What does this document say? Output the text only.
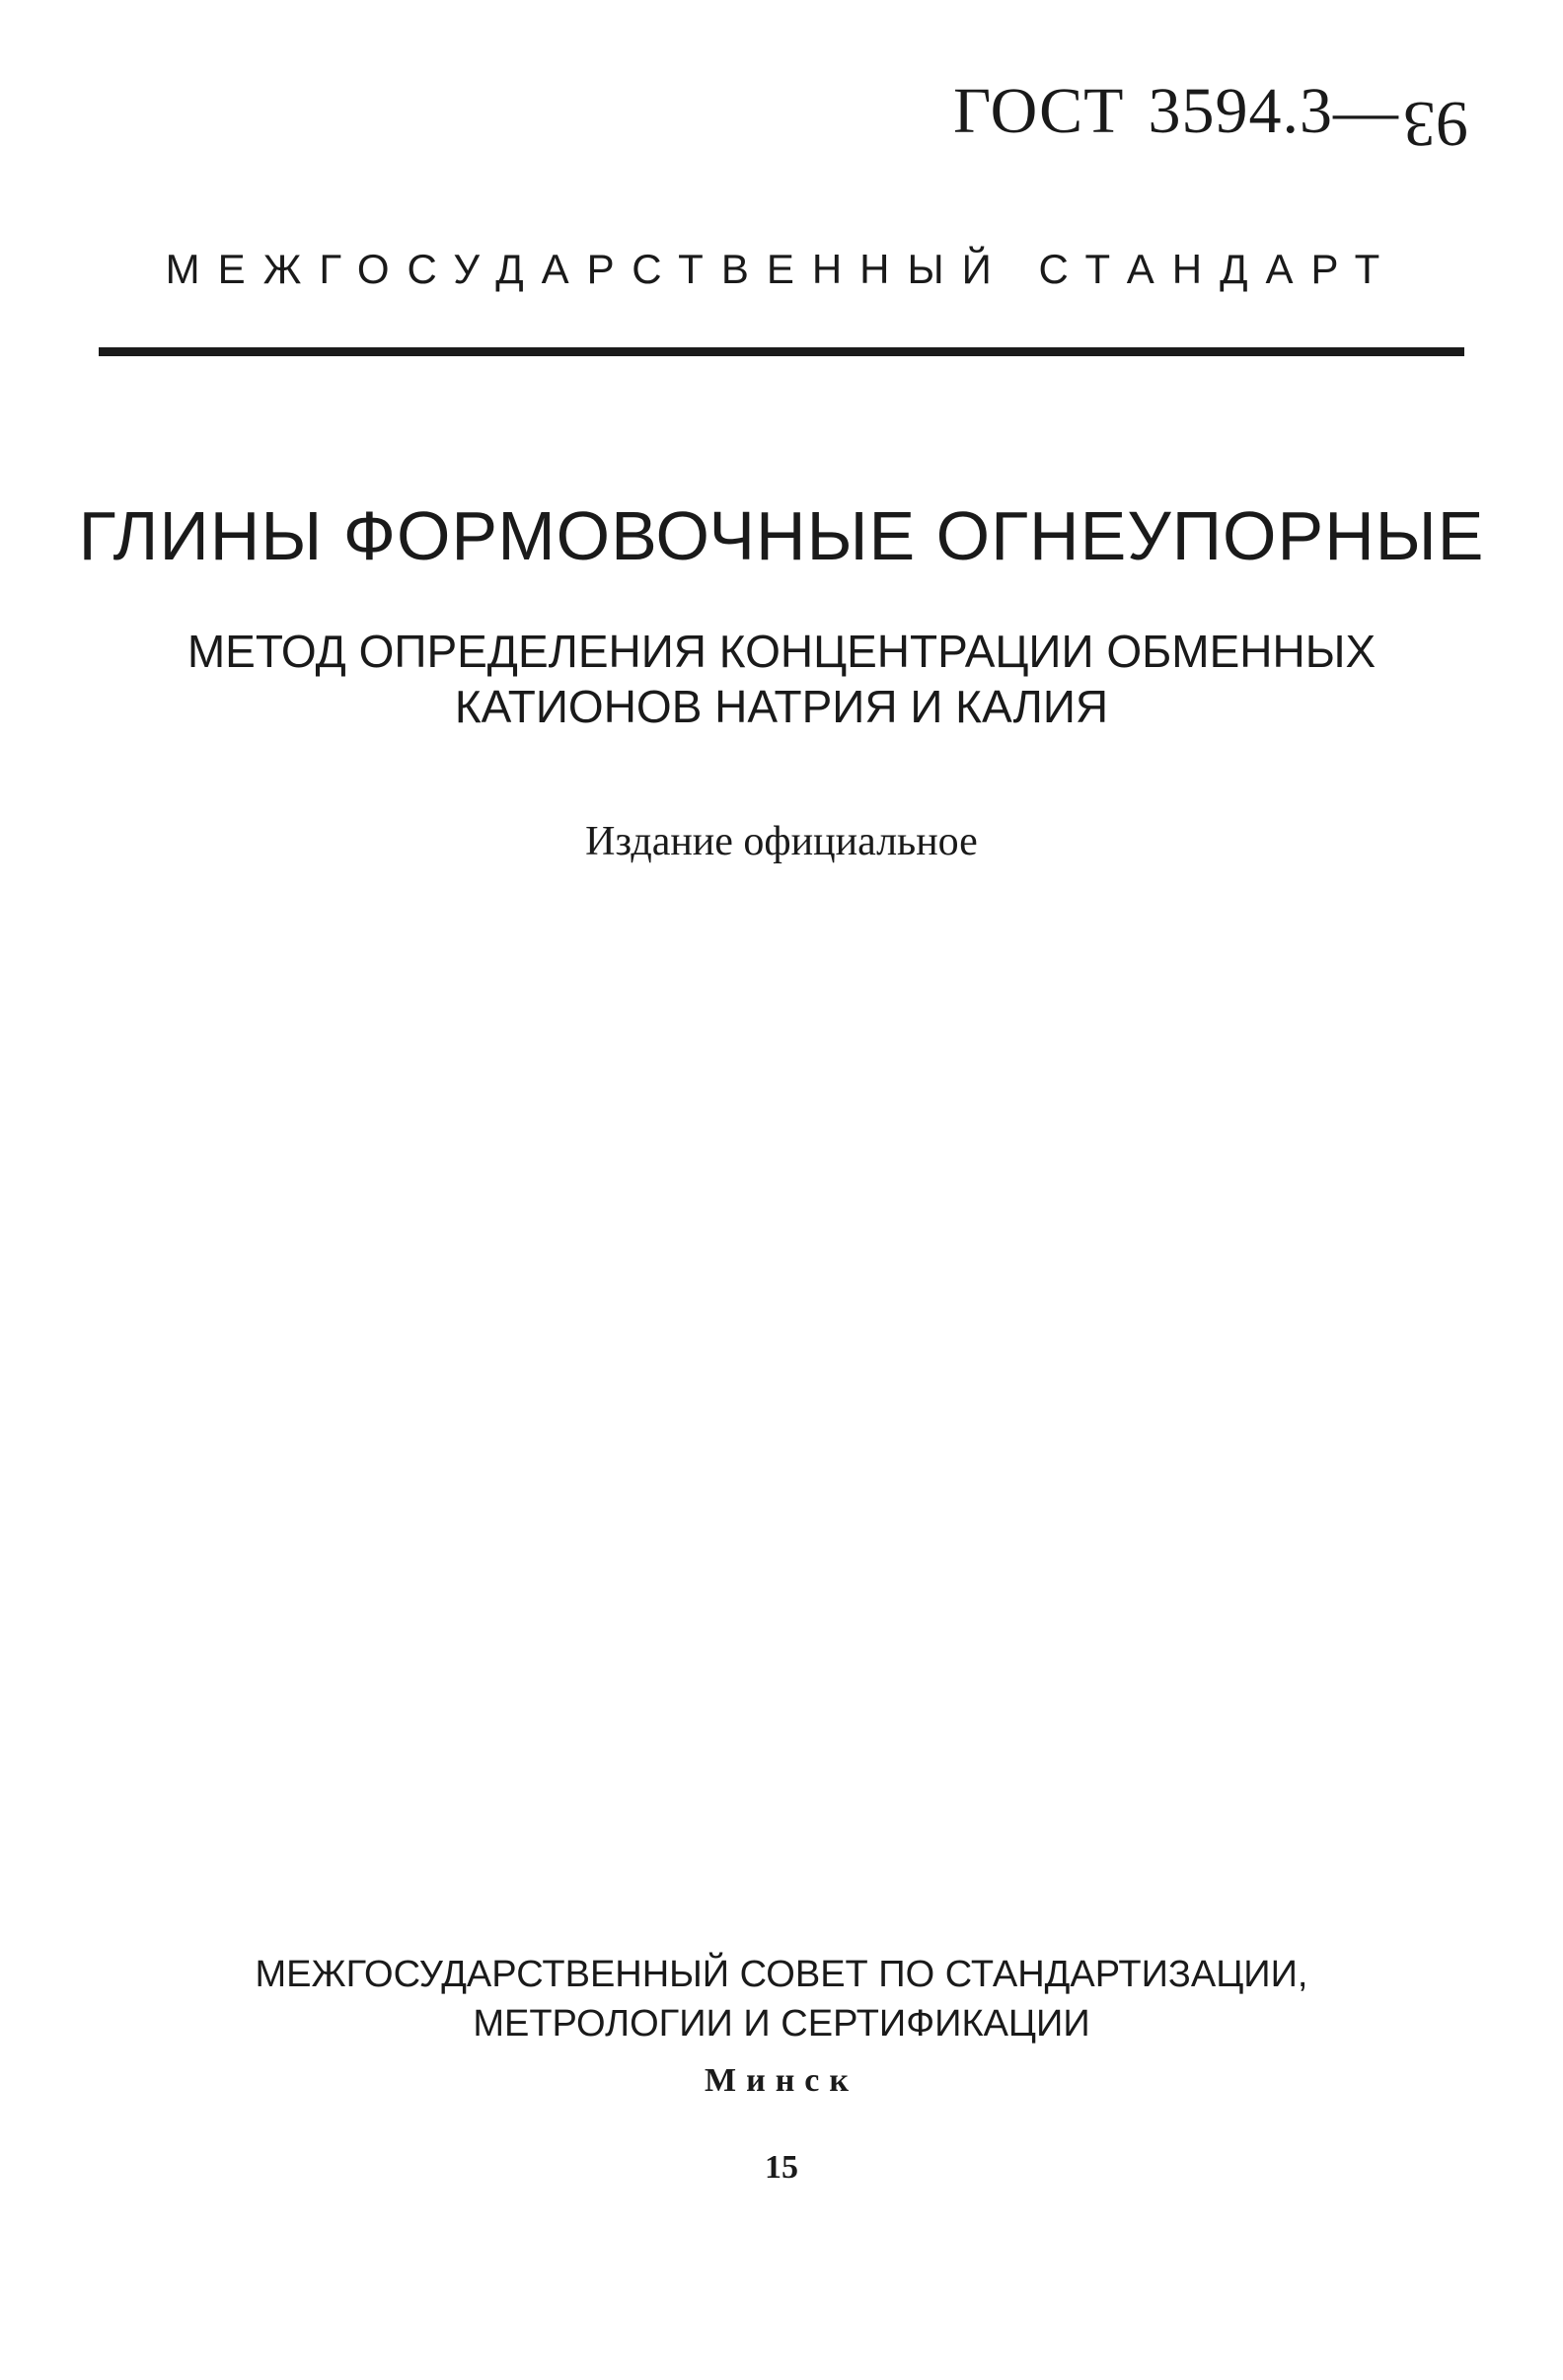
ГОСТ 3594.3—93
МЕЖГОСУДАРСТВЕННЫЙ СТАНДАРТ
ГЛИНЫ ФОРМОВОЧНЫЕ ОГНЕУПОРНЫЕ
МЕТОД ОПРЕДЕЛЕНИЯ КОНЦЕНТРАЦИИ ОБМЕННЫХ
КАТИОНОВ НАТРИЯ И КАЛИЯ
Издание официальное
МЕЖГОСУДАРСТВЕННЫЙ СОВЕТ ПО СТАНДАРТИЗАЦИИ,
МЕТРОЛОГИИ И СЕРТИФИКАЦИИ
Минск
15
